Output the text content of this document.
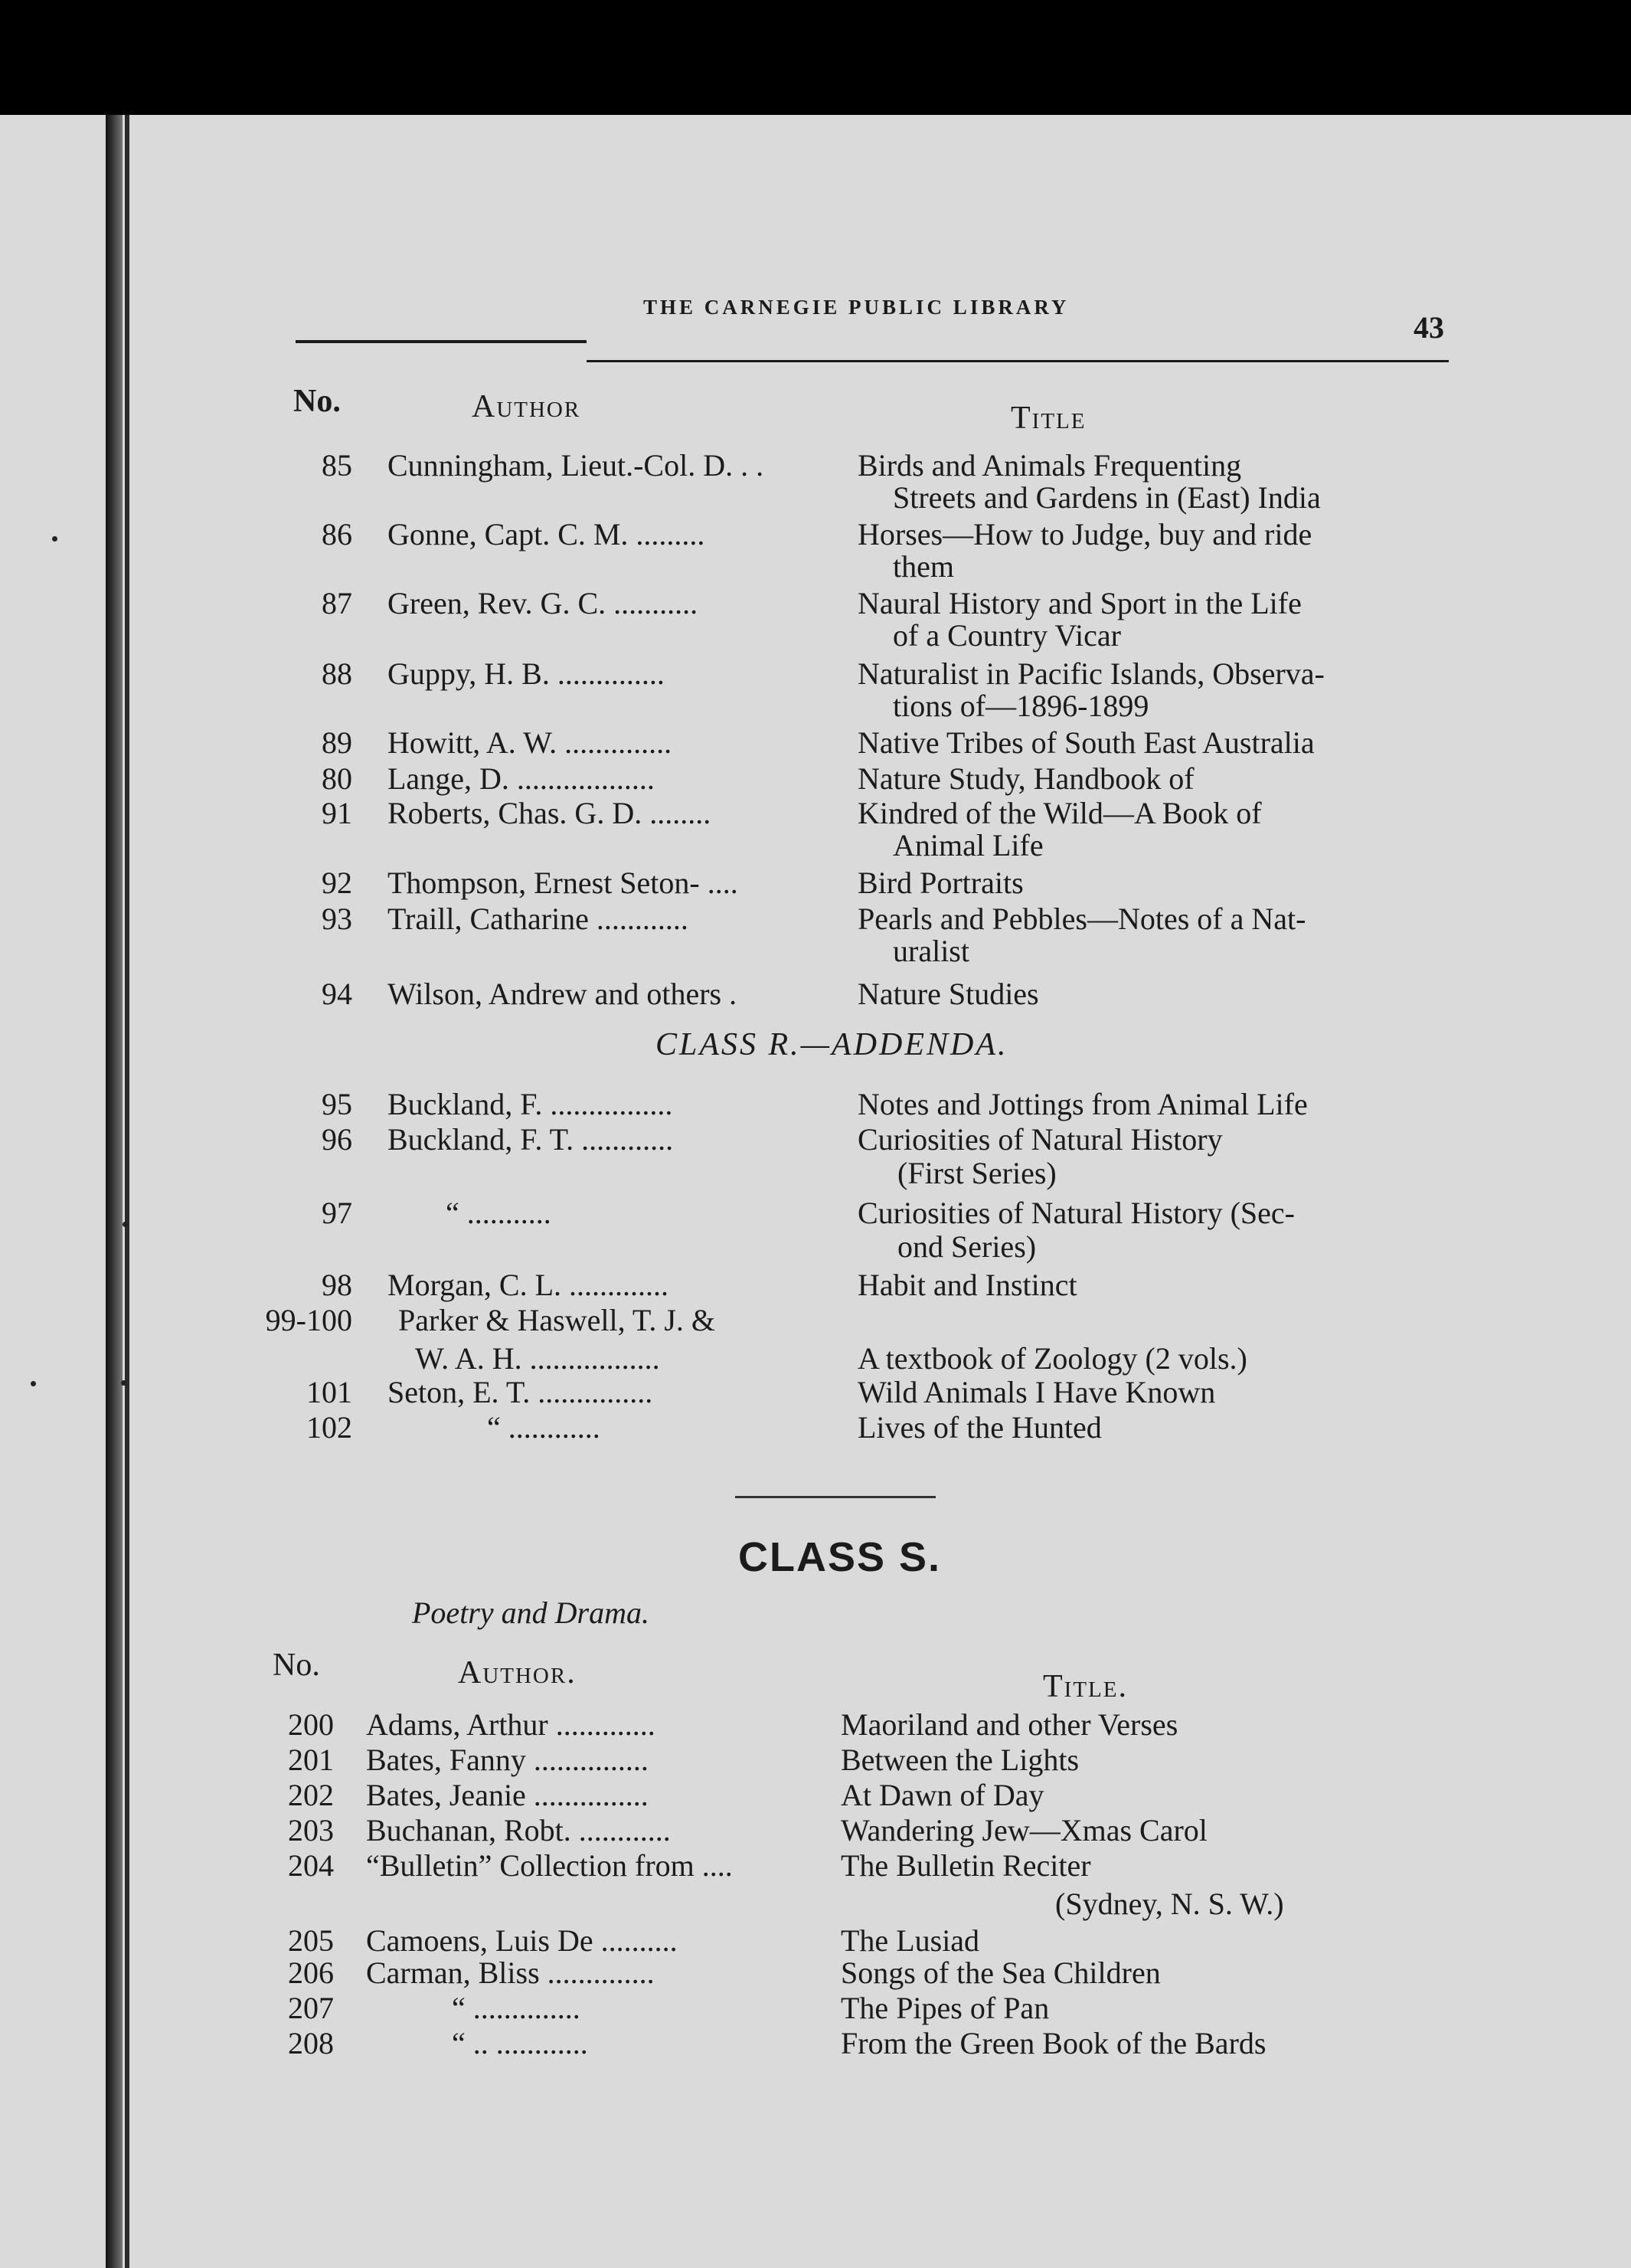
THE CARNEGIE PUBLIC LIBRARY
43
No.	Author	Title
85 Cunningham, Lieut.-Col. D. . .	Birds and Animals Frequenting
Streets and Gardens in (East) India
86 Gonne, Capt. C. M. .........	Horses—How to Judge, buy and ride
them
87 Green, Rev. G. C. ...........	Naural History and Sport in the Life
of a Country Vicar
88 Guppy, H. B. ..............	Naturalist in Pacific Islands, Observa-
tions of—1896-1899
89 Howitt, A. W. ..............	Native Tribes of South East Australia
80 Lange, D. ..................	Nature Study, Handbook of
91 Roberts, Chas. G. D. ........	Kindred of the Wild—A Book of
Animal Life
92 Thompson, Ernest Seton- ....	Bird Portraits
93 Traill, Catharine ............	Pearls and Pebbles—Notes of a Nat-
uralist
94 Wilson, Andrew and others .	Nature Studies
CLASS R.—ADDENDA.
95 Buckland, F. ................	Notes and Jottings from Animal Life
96 Buckland, F. T. ............	Curiosities of Natural History
(First Series)
97	“ ...........	Curiosities of Natural History (Sec-
ond Series)
98 Morgan, C. L. .............	Habit and Instinct
99-100 Parker & Haswell, T. J. &
W. A. H. .................	A textbook of Zoology (2 vols.)
101 Seton, E. T. ...............	Wild Animals I Have Known
102	“ ............	Lives of the Hunted
CLASS S.
Poetry and Drama.
No.	Author.	Title.
200 Adams, Arthur .............	Maoriland and other Verses
201 Bates, Fanny ...............	Between the Lights
202 Bates, Jeanie ...............	At Dawn of Day
203 Buchanan, Robt. ............	Wandering Jew—Xmas Carol
204 “Bulletin” Collection from ....	The Bulletin Reciter
(Sydney, N. S. W.)
205 Camoens, Luis De ..........	The Lusiad
206 Carman, Bliss ..............	Songs of the Sea Children
207	“ ..............	The Pipes of Pan
208	“ .. ............	From the Green Book of the Bards
